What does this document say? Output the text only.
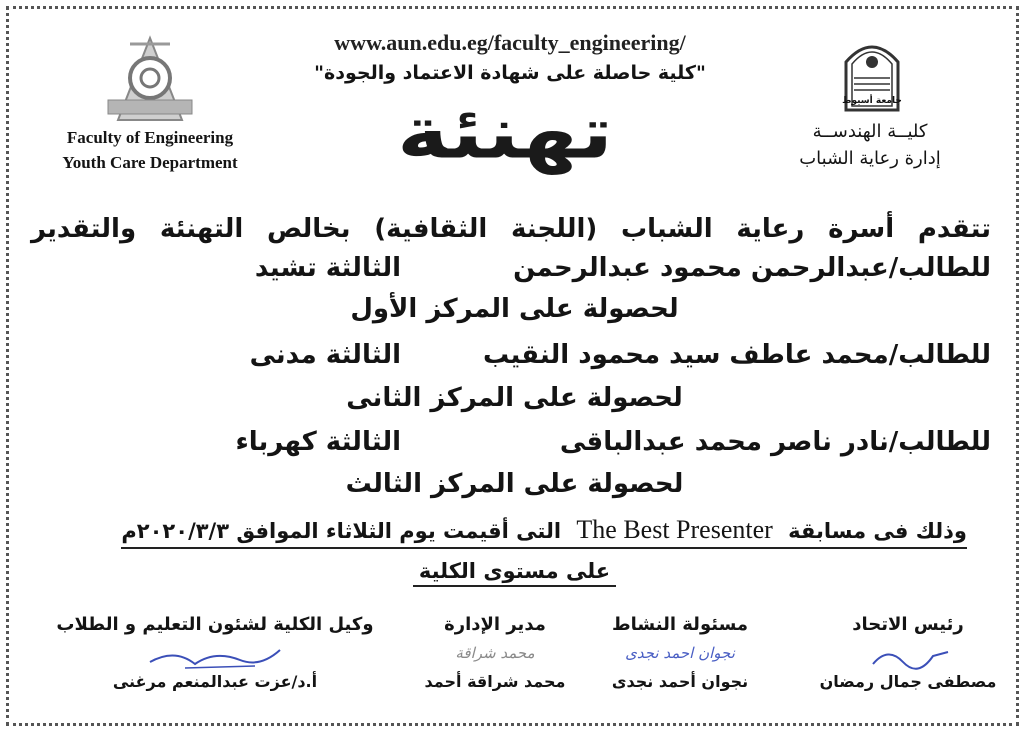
جامعة أسيوط
www.aun.edu.eg/faculty_engineering/
"كلية حاصلة على شهادة الاعتماد والجودة"
Faculty of Engineering
Youth Care Department
كليــة الهندســة
إدارة رعاية الشباب
تهنئة
تتقدم أسرة رعاية الشباب (اللجنة الثقافية) بخالص التهنئة والتقدير
للطالب/عبدالرحمن محمود عبدالرحمن
الثالثة تشيد
لحصولة على المركز الأول
للطالب/محمد عاطف سيد محمود النقيب
الثالثة مدنى
لحصولة على المركز الثانى
للطالب/نادر ناصر محمد عبدالباقى
الثالثة كهرباء
لحصولة على المركز الثالث
وذلك فى مسابقة The Best Presenter التى أقيمت يوم الثلاثاء الموافق ٢٠٢٠/٣/٣م
على مستوى الكلية
رئيس الاتحاد
مصطفى جمال رمضان
مسئولة النشاط
نجوان احمد نجدى
نجوان أحمد نجدى
مدير الإدارة
محمد شراقة
محمد شراقة أحمد
وكيل الكلية لشئون التعليم و الطلاب
أ.د/عزت عبدالمنعم مرغنى
